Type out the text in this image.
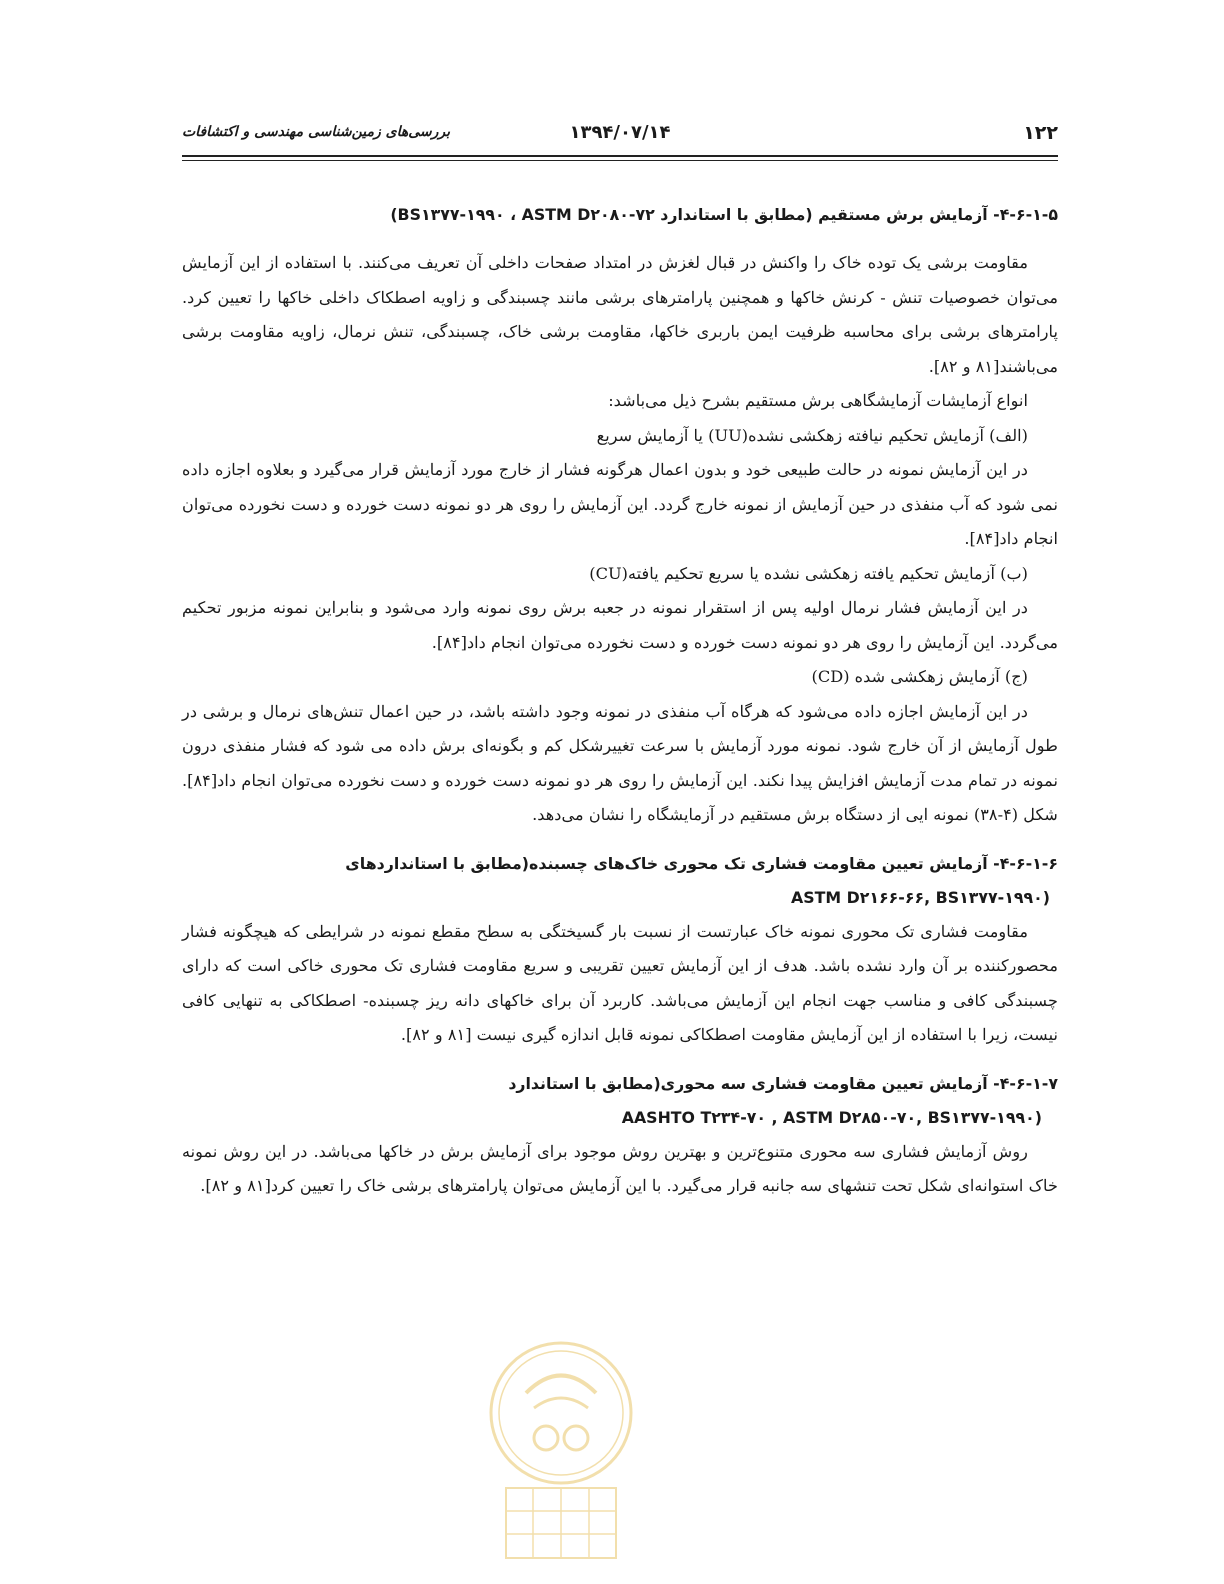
۱۲۲
۱۳۹۴/۰۷/۱۴
بررسی‌های زمین‌شناسی مهندسی و اکتشافات
۴-۶-۱-۵- آزمایش برش مستقیم (مطابق با استاندارد BS۱۳۷۷-۱۹۹۰ ، ASTM D۲۰۸۰-۷۲)

مقاومت برشی یک توده خاک را واکنش در قبال لغزش در امتداد صفحات داخلی آن تعریف می‌کنند. با استفاده از این آزمایش می‌توان خصوصیات تنش - کرنش خاکها و همچنین پارامترهای برشی مانند چسبندگی و زاویه اصطکاک داخلی خاکها را تعیین کرد. پارامترهای برشی برای محاسبه ظرفیت ایمن باربری خاکها، مقاومت برشی خاک، چسبندگی، تنش نرمال، زاویه مقاومت برشی می‌باشند[۸۱ و ۸۲].

انواع آزمایشات آزمایشگاهی برش مستقیم بشرح ذیل می‌باشد:

(الف) آزمایش تحکیم نیافته زهکشی نشده(UU) یا آزمایش سریع

در این آزمایش نمونه در حالت طبیعی خود و بدون اعمال هرگونه فشار از خارج مورد آزمایش قرار می‌گیرد و بعلاوه اجازه داده نمی شود که آب منفذی در حین آزمایش از نمونه خارج گردد. این آزمایش را روی هر دو نمونه دست خورده و دست نخورده می‌توان انجام داد[۸۴].

(ب) آزمایش تحکیم یافته زهکشی نشده یا سریع تحکیم یافته(CU)

در این آزمایش فشار نرمال اولیه پس از استقرار نمونه در جعبه برش روی نمونه وارد می‌شود و بنابراین نمونه مزبور تحکیم می‌گردد. این آزمایش را روی هر دو نمونه دست خورده و دست نخورده می‌توان انجام داد[۸۴].

(ج) آزمایش زهکشی شده (CD)

در این آزمایش اجازه داده می‌شود که هرگاه آب منفذی در نمونه وجود داشته باشد، در حین اعمال تنش‌های نرمال و برشی در طول آزمایش از آن خارج شود. نمونه مورد آزمایش با سرعت تغییرشکل کم و بگونه‌ای برش داده می شود که فشار منفذی درون نمونه در تمام مدت آزمایش افزایش پیدا نکند. این آزمایش را روی هر دو نمونه دست خورده و دست نخورده می‌توان انجام داد[۸۴]. شکل (۴-۳۸) نمونه ایی از دستگاه برش مستقیم در آزمایشگاه را نشان می‌دهد.

۴-۶-۱-۶- آزمایش تعیین مقاومت فشاری تک محوری خاک‌های چسبنده(مطابق با استانداردهای
(ASTM D۲۱۶۶-۶۶, BS۱۳۷۷-۱۹۹۰

مقاومت فشاری تک محوری نمونه خاک عبارتست از نسبت بار گسیختگی به سطح مقطع نمونه در شرایطی که هیچگونه فشار محصورکننده بر آن وارد نشده باشد. هدف از این آزمایش تعیین تقریبی و سریع مقاومت فشاری تک محوری خاکی است که دارای چسبندگی کافی و مناسب جهت انجام این آزمایش می‌باشد. کاربرد آن برای خاکهای دانه ریز چسبنده- اصطکاکی به تنهایی کافی نیست، زیرا با استفاده از این آزمایش مقاومت اصطکاکی نمونه قابل اندازه گیری نیست [۸۱ و ۸۲].

۴-۶-۱-۷- آزمایش تعیین مقاومت فشاری سه محوری(مطابق با استاندارد
(AASHTO T۲۳۴-۷۰ , ASTM D۲۸۵۰-۷۰, BS۱۳۷۷-۱۹۹۰

روش آزمایش فشاری سه محوری متنوع‌ترین و بهترین روش موجود برای آزمایش برش در خاکها می‌باشد. در این روش نمونه خاک استوانه‌ای شکل تحت تنشهای سه جانبه قرار می‌گیرد. با این آزمایش می‌توان پارامترهای برشی خاک را تعیین کرد[۸۱ و ۸۲].
